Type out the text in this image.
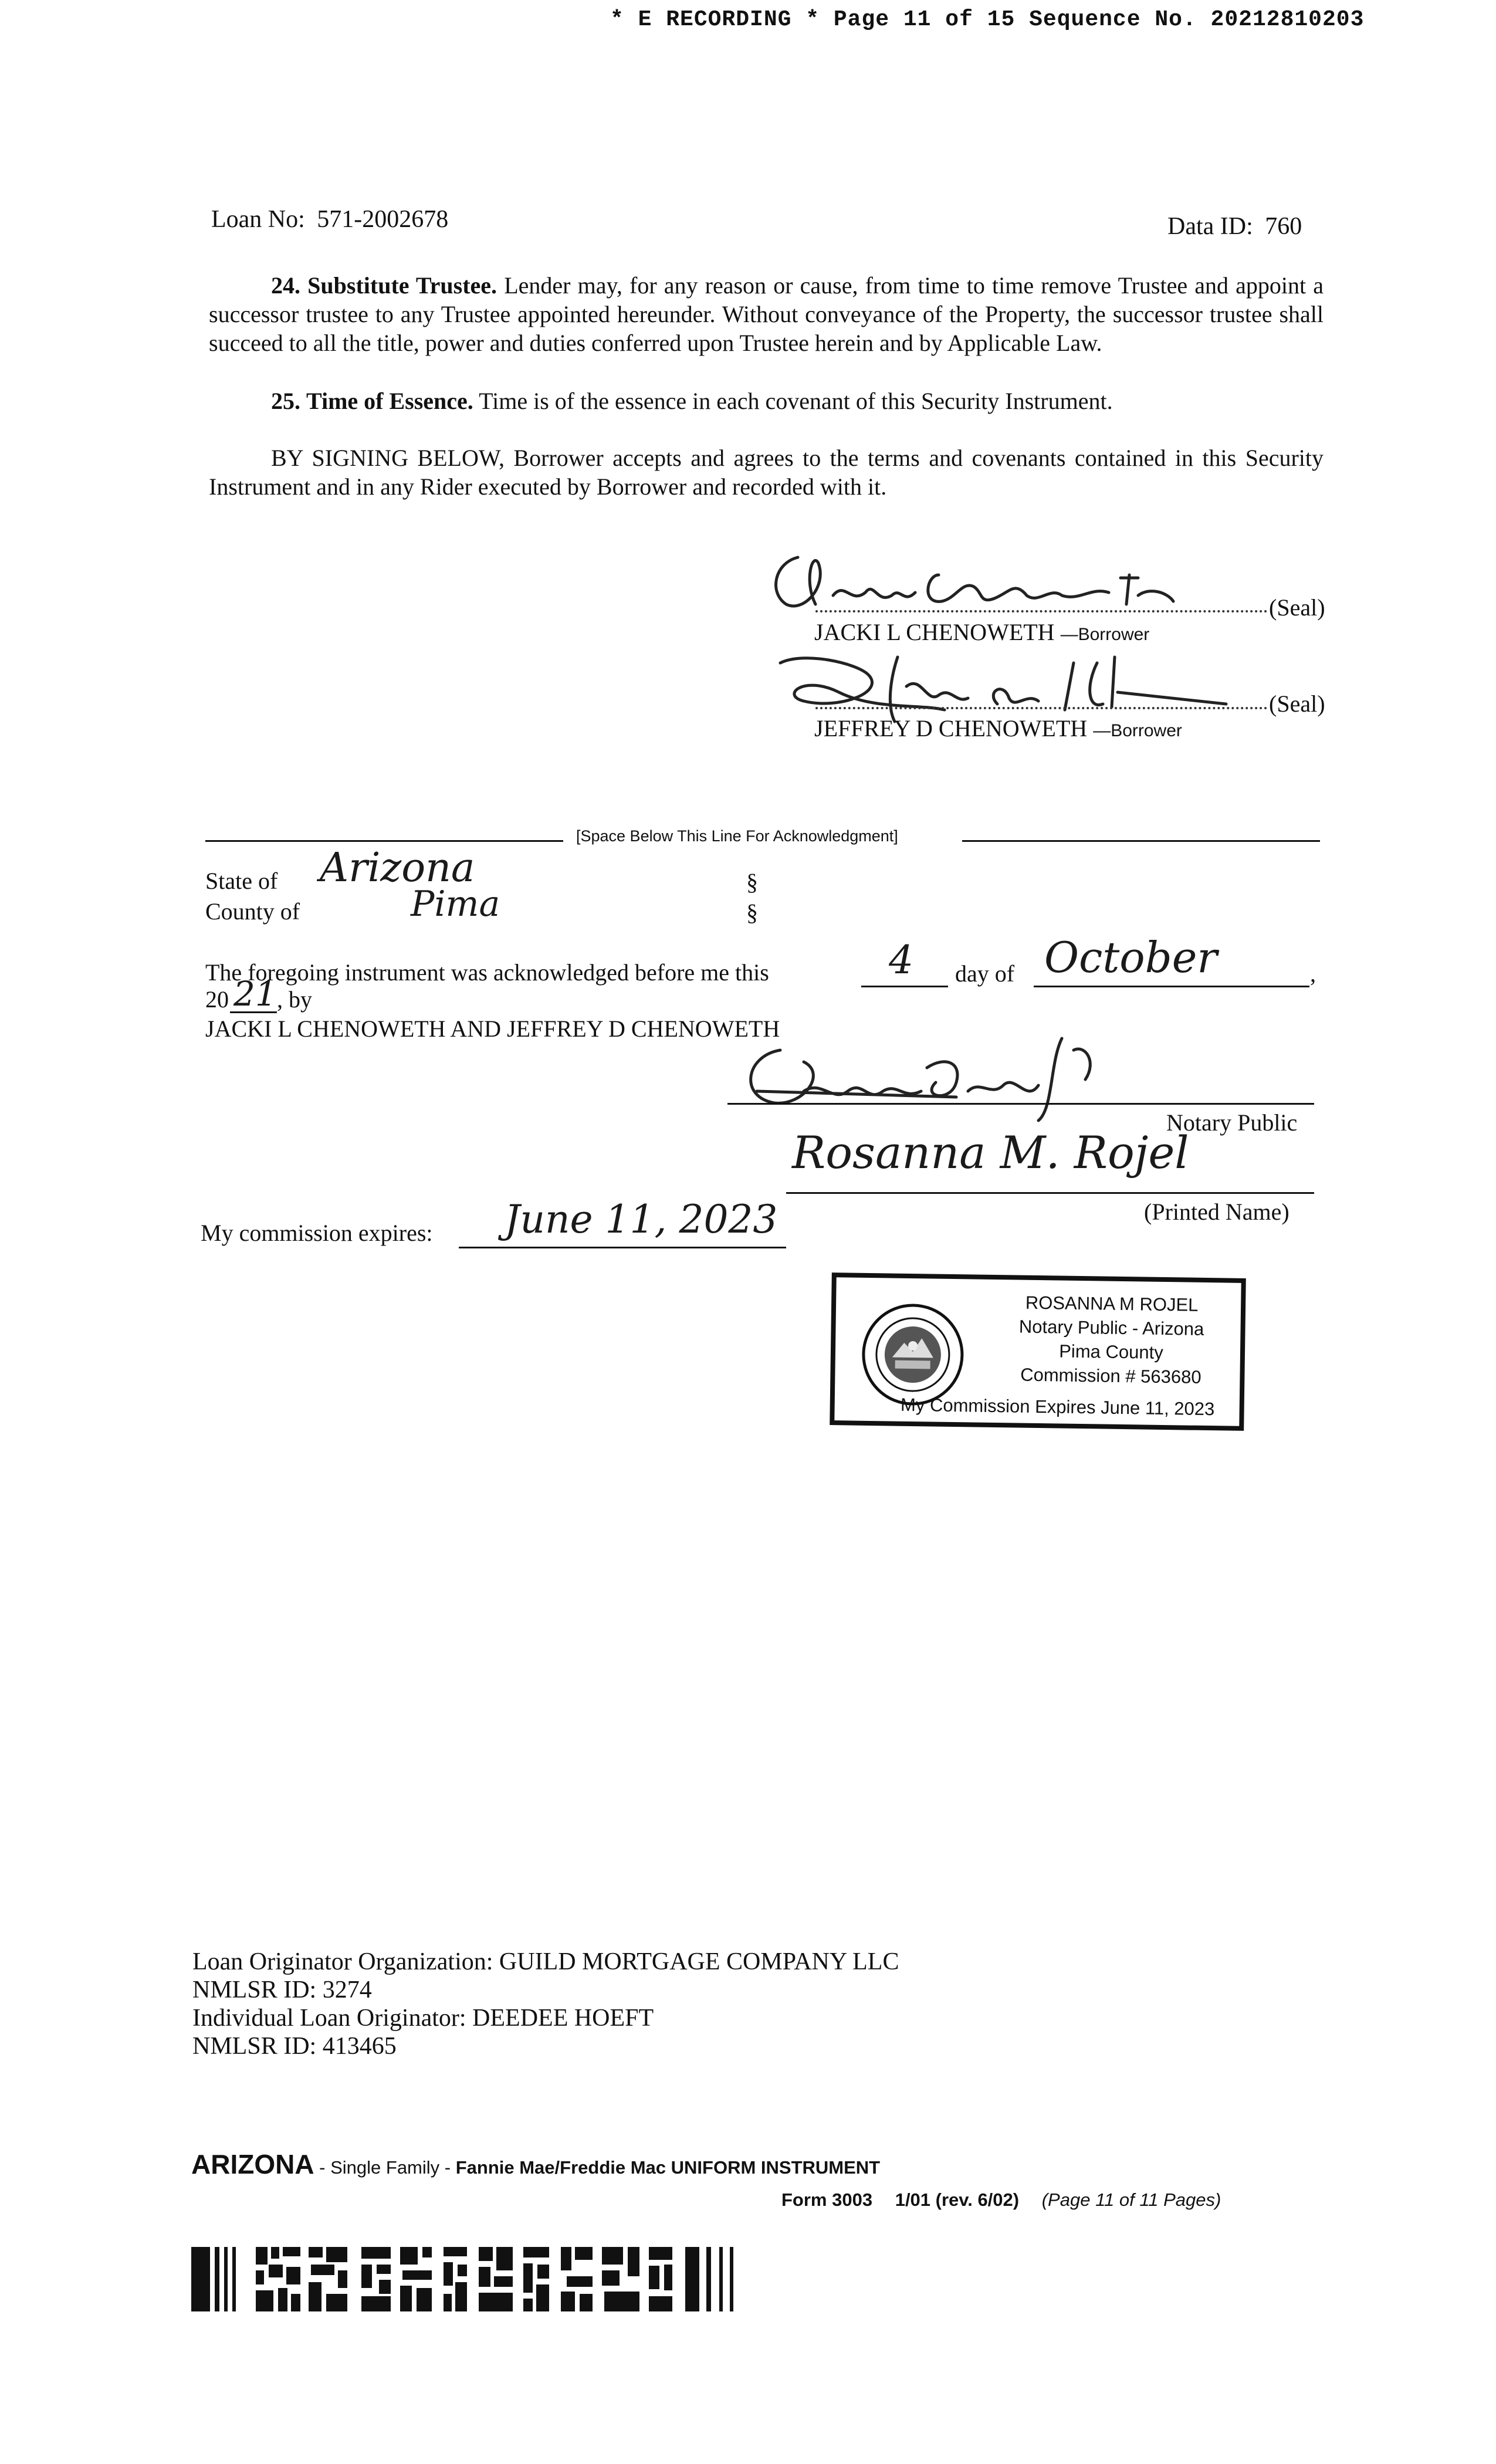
* E RECORDING * Page 11 of 15 Sequence No. 20212810203
Loan No: 571-2002678	Data ID: 760
24. Substitute Trustee. Lender may, for any reason or cause, from time to time remove Trustee and appoint a successor trustee to any Trustee appointed hereunder. Without conveyance of the Property, the successor trustee shall succeed to all the title, power and duties conferred upon Trustee herein and by Applicable Law.
25. Time of Essence. Time is of the essence in each covenant of this Security Instrument.
BY SIGNING BELOW, Borrower accepts and agrees to the terms and covenants contained in this Security Instrument and in any Rider executed by Borrower and recorded with it.
(Seal)
JACKI L CHENOWETH —Borrower
(Seal)
JEFFREY D CHENOWETH —Borrower
[Space Below This Line For Acknowledgment]
State of Arizona	§
County of	Pima	§
The foregoing instrument was acknowledged before me this	4 day of October	,
20 21 , by
JACKI L CHENOWETH AND JEFFREY D CHENOWETH
Notary Public
Rosanna M. Rojel
(Printed Name)
My commission expires: June 11, 2023
ROSANNA M ROJEL
Notary Public - Arizona
Pima County
Commission # 563680
My Commission Expires June 11, 2023
Loan Originator Organization: GUILD MORTGAGE COMPANY LLC
NMLSR ID: 3274
Individual Loan Originator: DEEDEE HOEFT
NMLSR ID: 413465
ARIZONA - Single Family - Fannie Mae/Freddie Mac UNIFORM INSTRUMENT
Form 3003 1/01 (rev. 6/02) (Page 11 of 11 Pages)
